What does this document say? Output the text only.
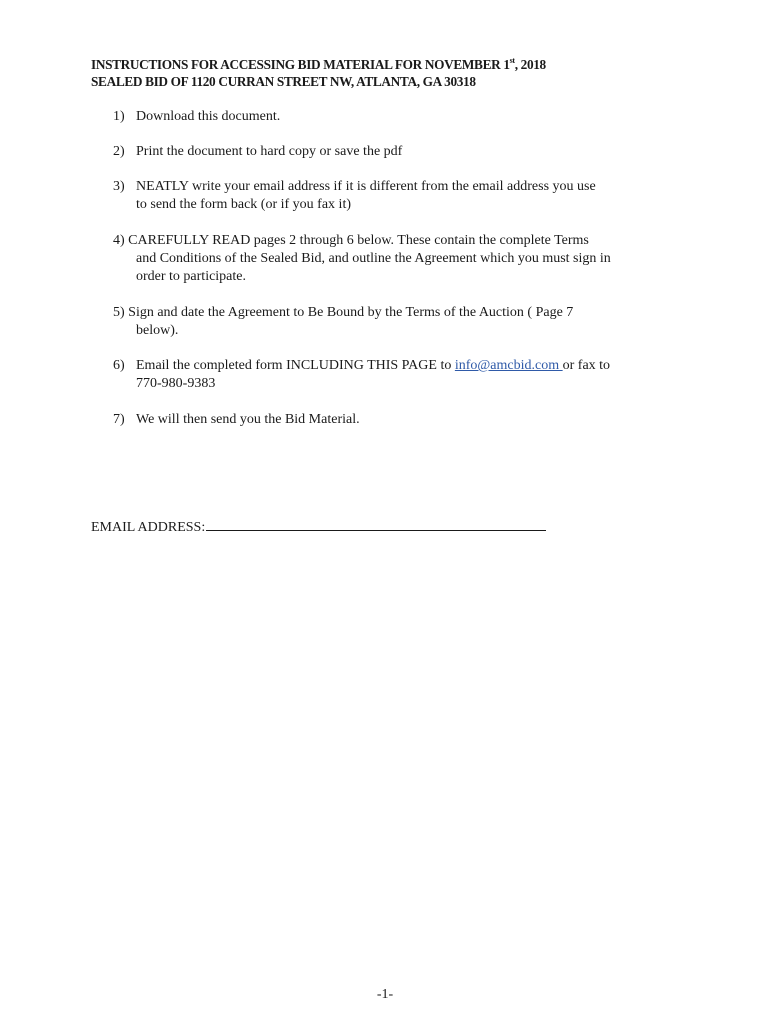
INSTRUCTIONS FOR ACCESSING BID MATERIAL FOR NOVEMBER 1st, 2018
SEALED BID OF 1120 CURRAN STREET NW, ATLANTA, GA 30318
1) Download this document.
2) Print the document to hard copy or save the pdf
3) NEATLY write your email address if it is different from the email address you use
to send the form back (or if you fax it)
4) CAREFULLY READ pages 2 through 6 below. These contain the complete Terms
and Conditions of the Sealed Bid, and outline the Agreement which you must sign in
order to participate.
5) Sign and date the Agreement to Be Bound by the Terms of the Auction ( Page 7
below).
6) Email the completed form INCLUDING THIS PAGE to info@amcbid.com or fax to
770-980-9383
7) We will then send you the Bid Material.
EMAIL ADDRESS:
-1-
